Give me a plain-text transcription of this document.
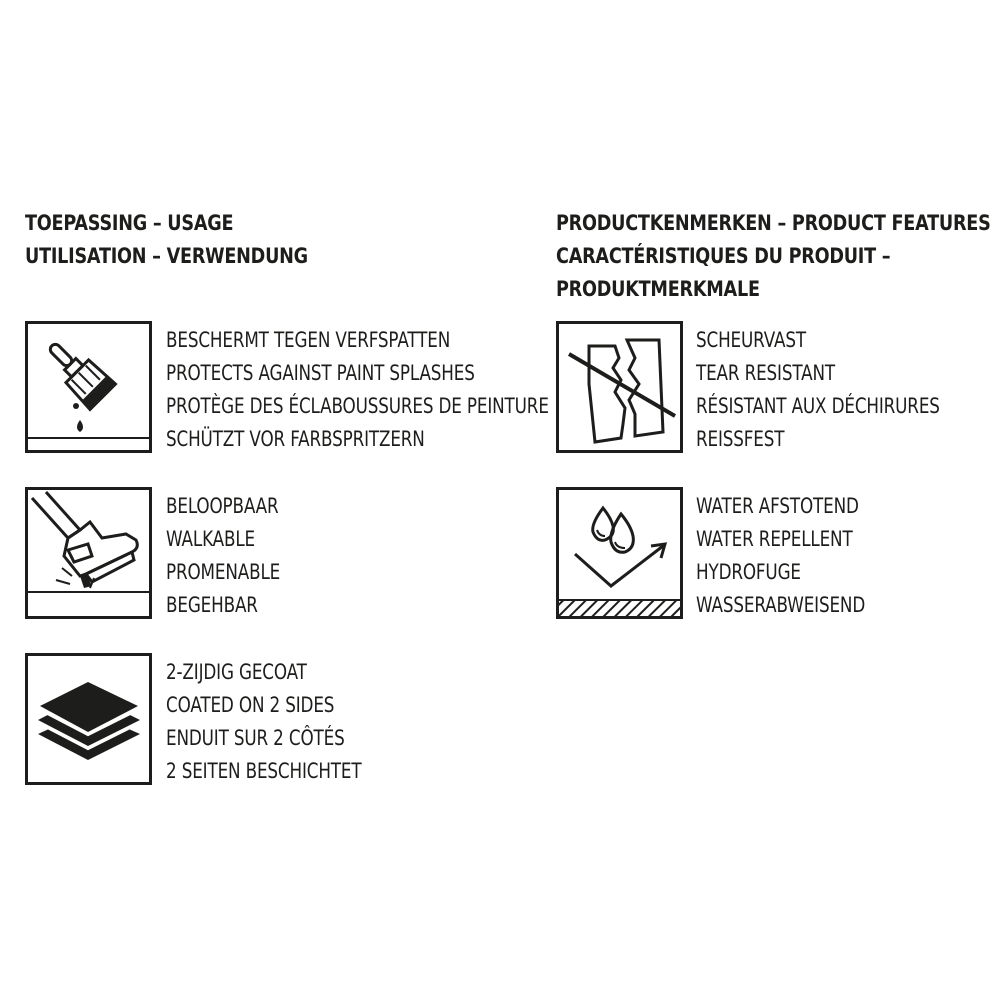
TOEPASSING – USAGE
UTILISATION – VERWENDUNG
PRODUCTKENMERKEN – PRODUCT FEATURES
CARACTÉRISTIQUES DU PRODUIT –
PRODUKTMERKMALE
BESCHERMT TEGEN VERFSPATTEN
PROTECTS AGAINST PAINT SPLASHES
PROTÈGE DES ÉCLABOUSSURES DE PEINTURE
SCHÜTZT VOR FARBSPRITZERN
BELOOPBAAR
WALKABLE
PROMENABLE
BEGEHBAR
2-ZIJDIG GECOAT
COATED ON 2 SIDES
ENDUIT SUR 2 CÔTÉS
2 SEITEN BESCHICHTET
SCHEURVAST
TEAR RESISTANT
RÉSISTANT AUX DÉCHIRURES
REISSFEST
WATER AFSTOTEND
WATER REPELLENT
HYDROFUGE
WASSERABWEISEND
